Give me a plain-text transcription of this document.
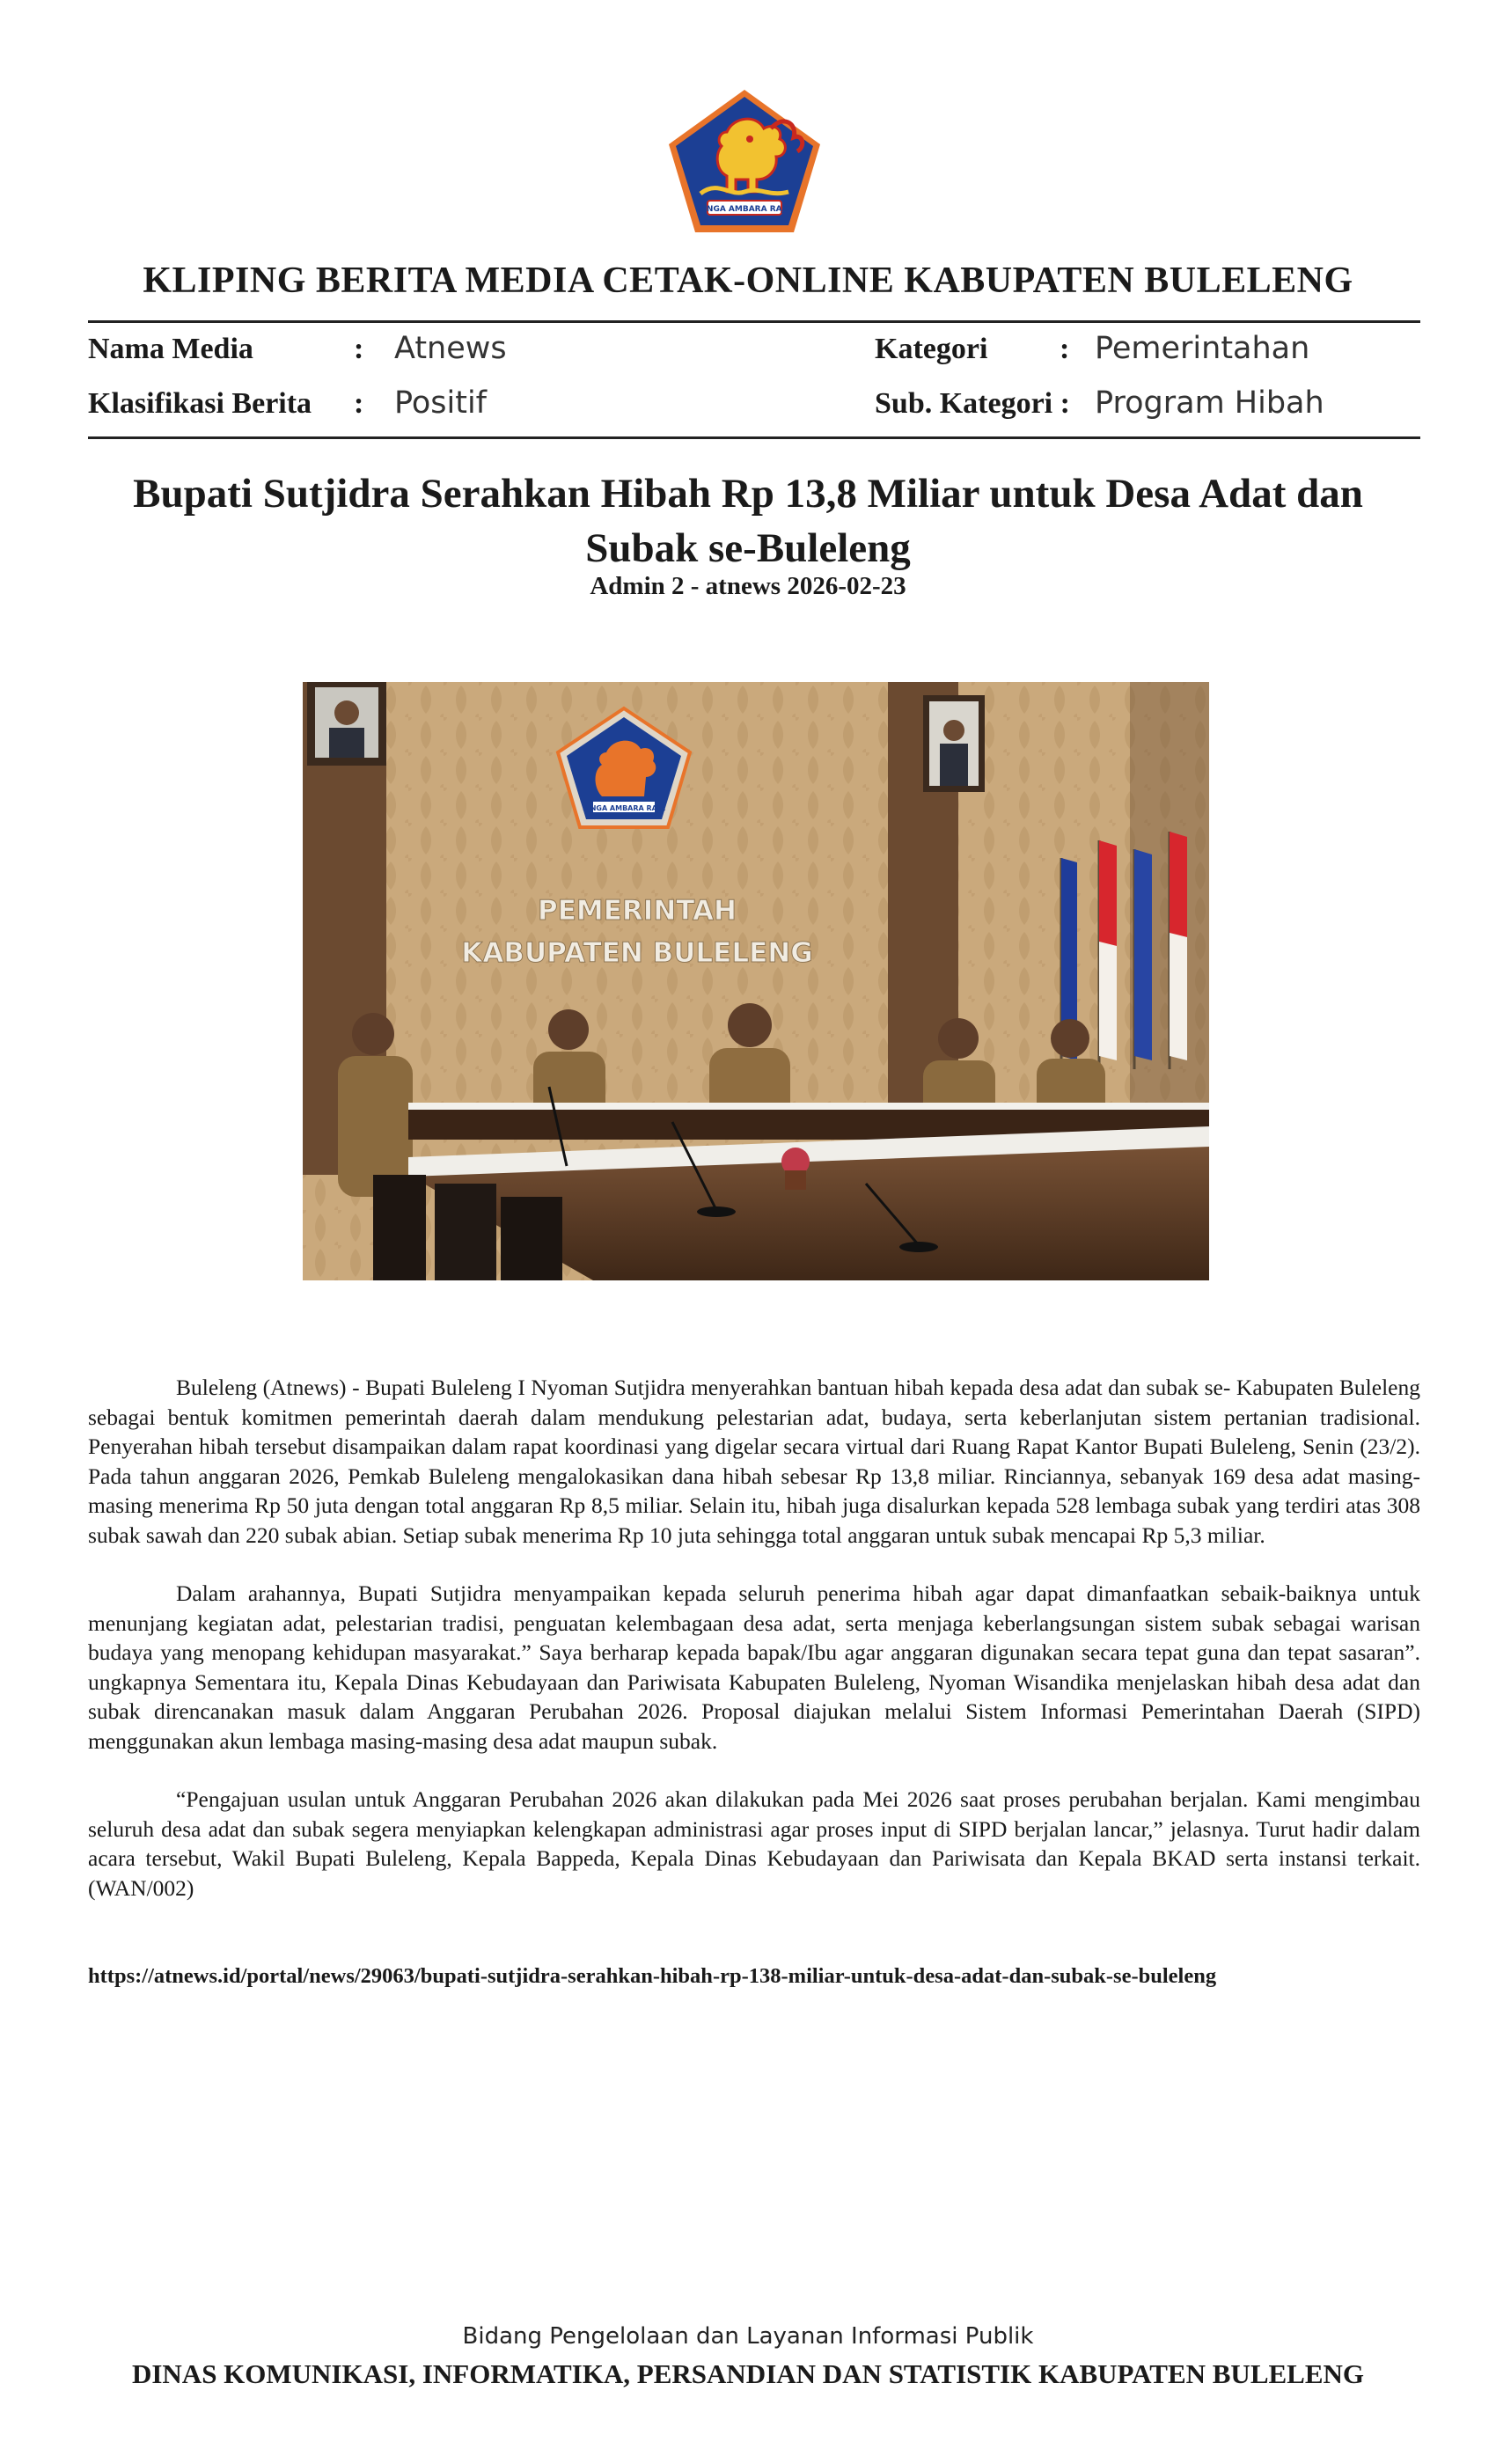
SINGA AMBARA RAJA
KLIPING BERITA MEDIA CETAK-ONLINE KABUPATEN BULELENG
Nama Media	: Atnews
Klasifikasi Berita : Positif
Kategori : Pemerintahan
Sub. Kategori : Program Hibah
Bupati Sutjidra Serahkan Hibah Rp 13,8 Miliar untuk Desa Adat dan
Subak se-Buleleng
Admin 2 - atnews 2026-02-23
SINGA AMBARA RAJA
PEMERINTAH
KABUPATEN BULELENG

Buleleng (Atnews) - Bupati Buleleng I Nyoman Sutjidra menyerahkan bantuan hibah kepada desa adat dan subak se- Kabupaten Buleleng sebagai bentuk komitmen pemerintah daerah dalam mendukung pelestarian adat, budaya, serta keberlanjutan sistem pertanian tradisional. Penyerahan hibah tersebut disampaikan dalam rapat koordinasi yang digelar secara virtual dari Ruang Rapat Kantor Bupati Buleleng, Senin (23/2). Pada tahun anggaran 2026, Pemkab Buleleng mengalokasikan dana hibah sebesar Rp 13,8 miliar. Rinciannya, sebanyak 169 desa adat masing-masing menerima Rp 50 juta dengan total anggaran Rp 8,5 miliar. Selain itu, hibah juga disalurkan kepada 528 lembaga subak yang terdiri atas 308 subak sawah dan 220 subak abian. Setiap subak menerima Rp 10 juta sehingga total anggaran untuk subak mencapai Rp 5,3 miliar.

Dalam arahannya, Bupati Sutjidra menyampaikan kepada seluruh penerima hibah agar dapat dimanfaatkan sebaik-baiknya untuk menunjang kegiatan adat, pelestarian tradisi, penguatan kelembagaan desa adat, serta menjaga keberlangsungan sistem subak sebagai warisan budaya yang menopang kehidupan masyarakat.” Saya berharap kepada bapak/Ibu agar anggaran digunakan secara tepat guna dan tepat sasaran”. ungkapnya Sementara itu, Kepala Dinas Kebudayaan dan Pariwisata Kabupaten Buleleng, Nyoman Wisandika menjelaskan hibah desa adat dan subak direncanakan masuk dalam Anggaran Perubahan 2026. Proposal diajukan melalui Sistem Informasi Pemerintahan Daerah (SIPD) menggunakan akun lembaga masing-masing desa adat maupun subak.

“Pengajuan usulan untuk Anggaran Perubahan 2026 akan dilakukan pada Mei 2026 saat proses perubahan berjalan. Kami mengimbau seluruh desa adat dan subak segera menyiapkan kelengkapan administrasi agar proses input di SIPD berjalan lancar,” jelasnya. Turut hadir dalam acara tersebut, Wakil Bupati Buleleng, Kepala Bappeda, Kepala Dinas Kebudayaan dan Pariwisata dan Kepala BKAD serta instansi terkait.(WAN/002)

https://atnews.id/portal/news/29063/bupati-sutjidra-serahkan-hibah-rp-138-miliar-untuk-desa-adat-dan-subak-se-buleleng
Bidang Pengelolaan dan Layanan Informasi Publik
DINAS KOMUNIKASI, INFORMATIKA, PERSANDIAN DAN STATISTIK KABUPATEN BULELENG
